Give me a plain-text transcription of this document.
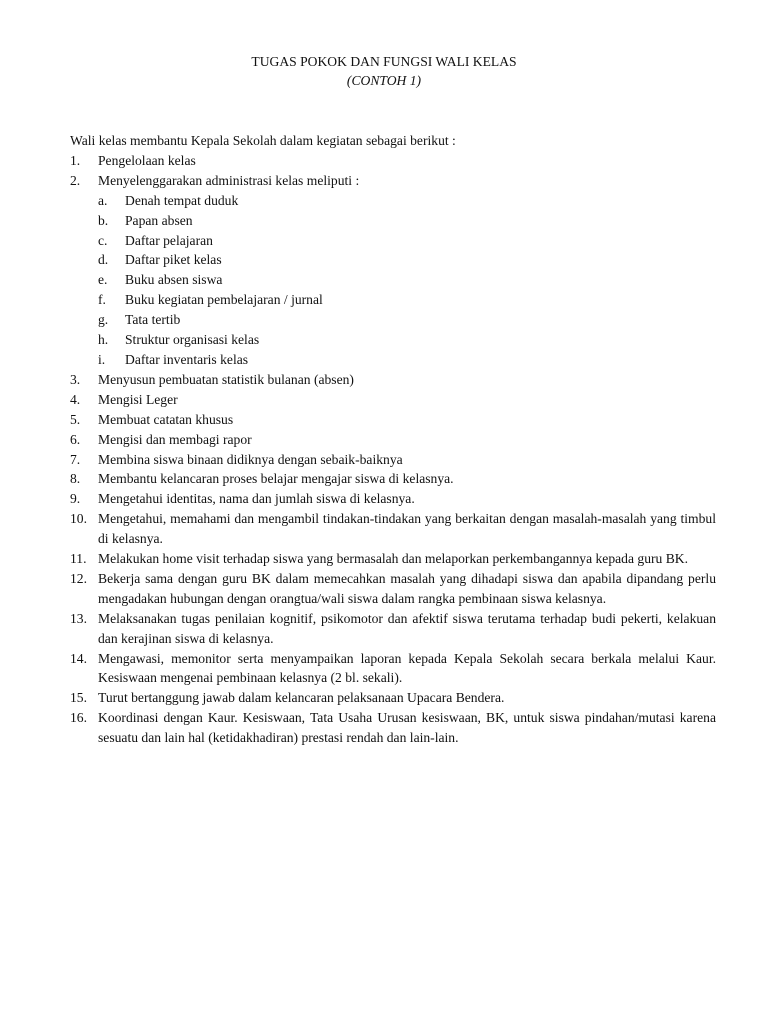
TUGAS POKOK DAN FUNGSI WALI KELAS
(CONTOH 1)

Wali kelas membantu Kepala Sekolah dalam kegiatan sebagai berikut :

1. Pengelolaan kelas
2. Menyelenggarakan administrasi kelas meliputi :
a. Denah tempat duduk
b. Papan absen
c. Daftar pelajaran
d. Daftar piket kelas
e. Buku absen siswa
f. Buku kegiatan pembelajaran / jurnal
g. Tata tertib
h. Struktur organisasi kelas
i. Daftar inventaris kelas
3. Menyusun pembuatan statistik bulanan (absen)
4. Mengisi Leger
5. Membuat catatan khusus
6. Mengisi dan membagi rapor
7. Membina siswa binaan didiknya dengan sebaik-baiknya
8. Membantu kelancaran proses belajar mengajar siswa di kelasnya.
9. Mengetahui identitas, nama dan jumlah siswa di kelasnya.
10. Mengetahui, memahami dan mengambil tindakan-tindakan yang berkaitan dengan masalah-masalah yang timbul di kelasnya.
11. Melakukan home visit terhadap siswa yang bermasalah dan melaporkan perkembangannya kepada guru BK.
12. Bekerja sama dengan guru BK dalam memecahkan masalah yang dihadapi siswa dan apabila dipandang perlu mengadakan hubungan dengan orangtua/wali siswa dalam rangka pembinaan siswa kelasnya.
13. Melaksanakan tugas penilaian kognitif, psikomotor dan afektif siswa terutama terhadap budi pekerti, kelakuan dan kerajinan siswa di kelasnya.
14. Mengawasi, memonitor serta menyampaikan laporan kepada Kepala Sekolah secara berkala melalui Kaur. Kesiswaan mengenai pembinaan kelasnya (2 bl. sekali).
15. Turut bertanggung jawab dalam kelancaran pelaksanaan Upacara Bendera.
16. Koordinasi dengan Kaur. Kesiswaan, Tata Usaha Urusan kesiswaan, BK, untuk siswa pindahan/mutasi karena sesuatu dan lain hal (ketidakhadiran) prestasi rendah dan lain-lain.
